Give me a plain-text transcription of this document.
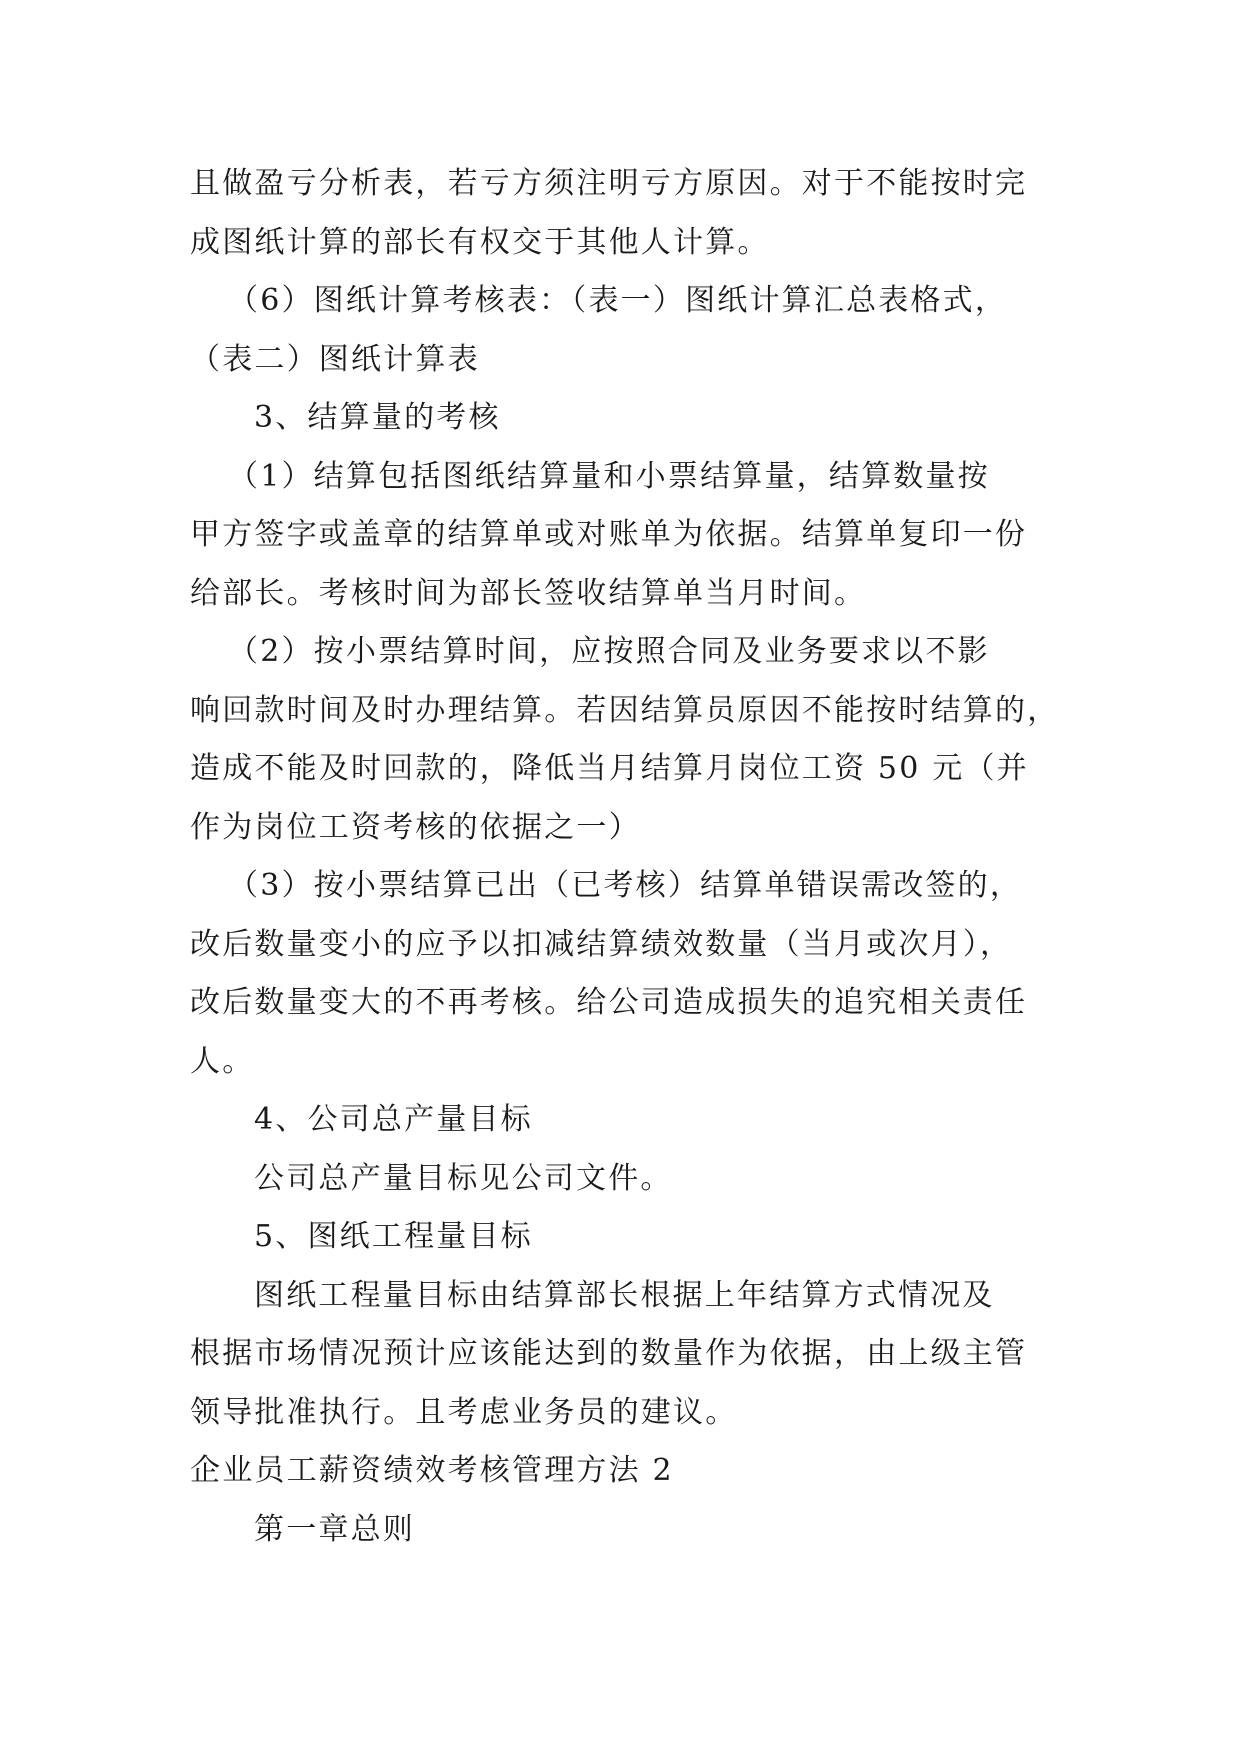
且做盈亏分析表，若亏方须注明亏方原因。对于不能按时完

成图纸计算的部长有权交于其他人计算。

（6）图纸计算考核表：（表一）图纸计算汇总表格式，

（表二）图纸计算表

3、结算量的考核

（1）结算包括图纸结算量和小票结算量，结算数量按

甲方签字或盖章的结算单或对账单为依据。结算单复印一份

给部长。考核时间为部长签收结算单当月时间。

（2）按小票结算时间，应按照合同及业务要求以不影

响回款时间及时办理结算。若因结算员原因不能按时结算的，

造成不能及时回款的，降低当月结算月岗位工资 50 元（并

作为岗位工资考核的依据之一）

（3）按小票结算已出（已考核）结算单错误需改签的，

改后数量变小的应予以扣减结算绩效数量（当月或次月），

改后数量变大的不再考核。给公司造成损失的追究相关责任

人。

4、公司总产量目标

公司总产量目标见公司文件。

5、图纸工程量目标

图纸工程量目标由结算部长根据上年结算方式情况及

根据市场情况预计应该能达到的数量作为依据，由上级主管

领导批准执行。且考虑业务员的建议。

企业员工薪资绩效考核管理方法 2

第一章总则
